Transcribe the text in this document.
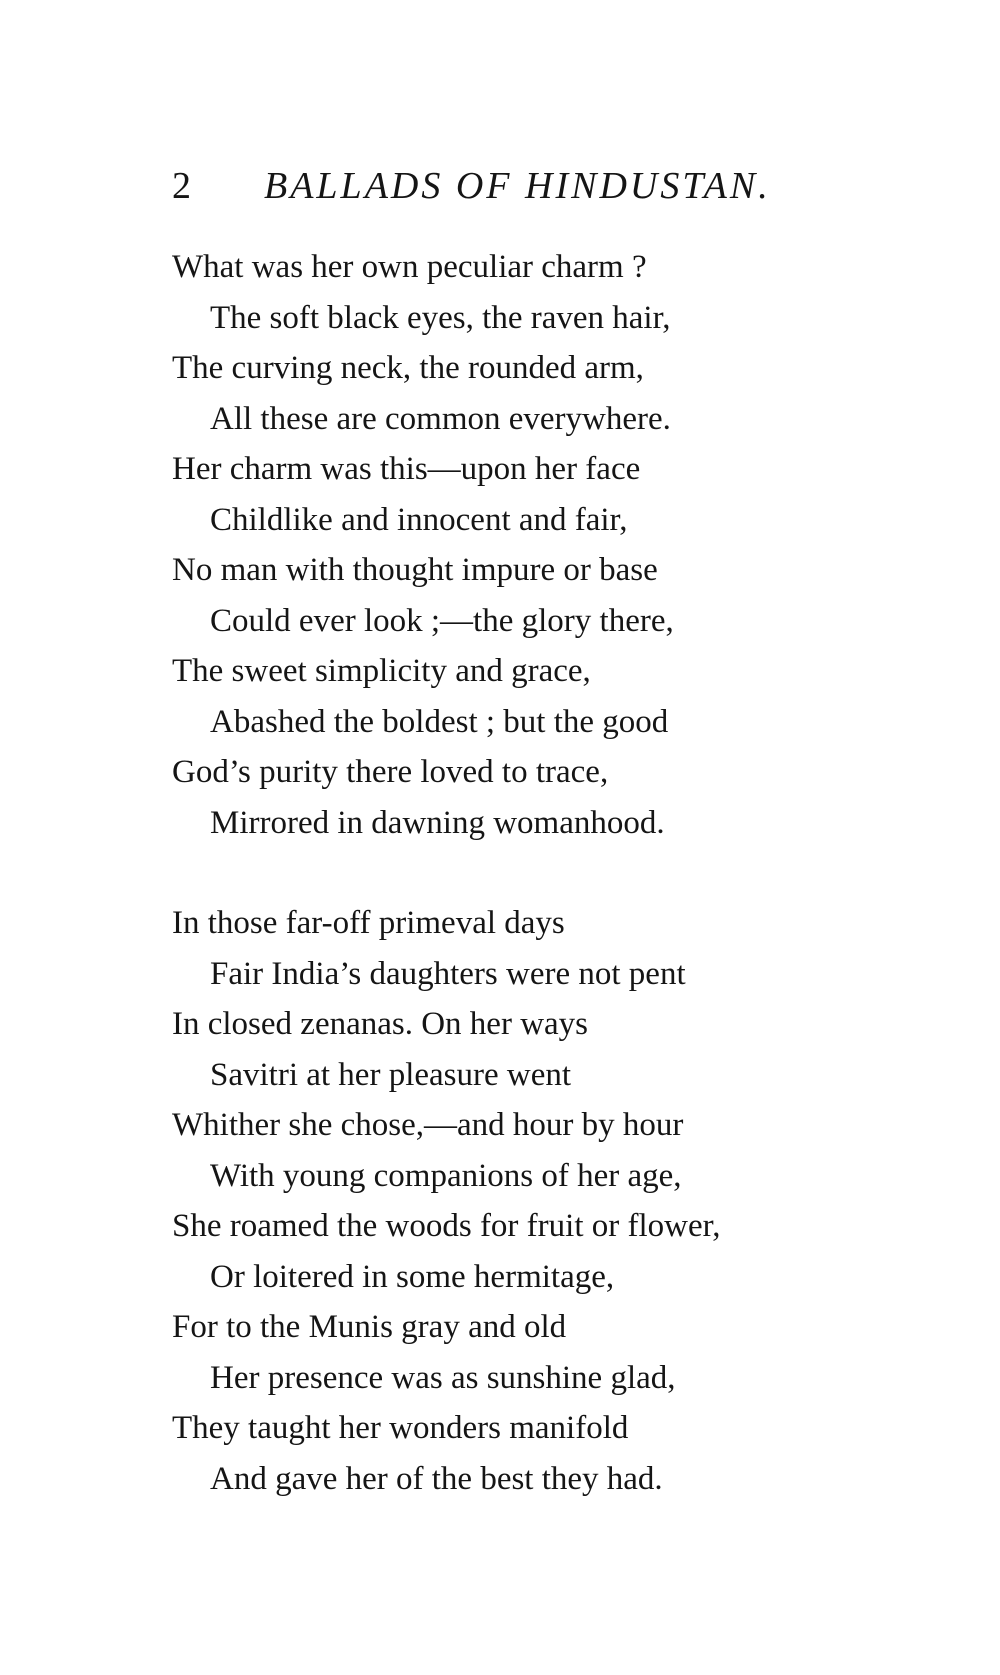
2 BALLADS OF HINDUSTAN.
What was her own peculiar charm ?
The soft black eyes, the raven hair,
The curving neck, the rounded arm,
All these are common everywhere.
Her charm was this—upon her face
Childlike and innocent and fair,
No man with thought impure or base
Could ever look ;—the glory there,
The sweet simplicity and grace,
Abashed the boldest ; but the good
God’s purity there loved to trace,
Mirrored in dawning womanhood.
In those far-off primeval days
Fair India’s daughters were not pent
In closed zenanas. On her ways
Savitri at her pleasure went
Whither she chose,—and hour by hour
With young companions of her age,
She roamed the woods for fruit or flower,
Or loitered in some hermitage,
For to the Munis gray and old
Her presence was as sunshine glad,
They taught her wonders manifold
And gave her of the best they had.
